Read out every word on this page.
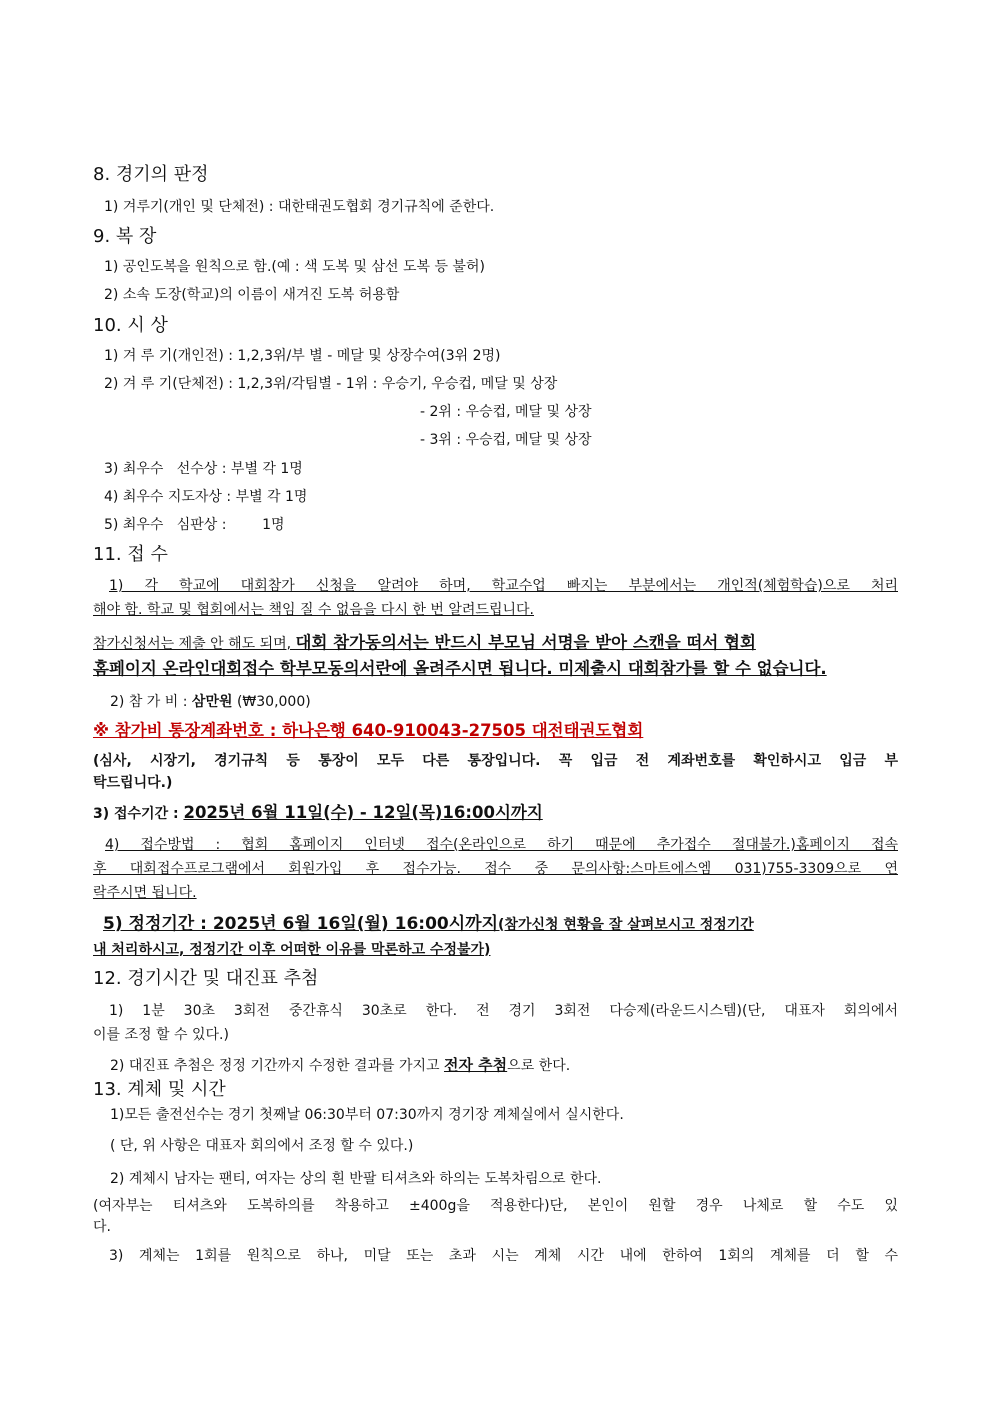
8. 경기의 판정
1) 겨루기(개인 및 단체전) : 대한태권도협회 경기규칙에 준한다.
9. 복 장
1) 공인도복을 원칙으로 함.(예 : 색 도복 및 삼선 도복 등 불허)
2) 소속 도장(학교)의 이름이 새겨진 도복 허용함
10. 시 상
1) 겨 루 기(개인전) : 1,2,3위/부 별 - 메달 및 상장수여(3위 2명)
2) 겨 루 기(단체전) : 1,2,3위/각팀별 - 1위 : 우승기, 우승컵, 메달 및 상장
- 2위 : 우승컵, 메달 및 상장
- 3위 : 우승컵, 메달 및 상장
3) 최우수   선수상 : 부별 각 1명
4) 최우수 지도자상 : 부별 각 1명
5) 최우수   심판상 :        1명
11. 접 수
1) 각 학교에 대회참가 신청을 알려야 하며, 학교수업 빠지는 부분에서는 개인적(체험학습)으로 처리
해야 함. 학교 및 협회에서는 책임 질 수 없음을 다시 한 번 알려드립니다.
참가신청서는 제출 안 해도 되며, 대회 참가동의서는 반드시 부모님 서명을 받아 스캔을 떠서 협회
홈페이지 온라인대회접수 학부모동의서란에 올려주시면 됩니다. 미제출시 대회참가를 할 수 없습니다.
2) 참 가 비 : 삼만원 (₩30,000)
※ 참가비 통장계좌번호 : 하나은행 640-910043-27505 대전태권도협회
(심사, 시장기, 경기규칙 등 통장이 모두 다른 통장입니다. 꼭 입금 전 계좌번호를 확인하시고 입금 부
탁드립니다.)
3) 접수기간 : 2025년 6월 11일(수) - 12일(목)16:00시까지
4) 접수방법 : 협회 홈페이지 인터넷 접수(온라인으로 하기 때문에 추가접수 절대불가.)홈페이지 접속
후 대회접수프로그램에서 회원가입 후 접수가능. 접수 중 문의사항:스마트에스엠 031)755-3309으로 연
락주시면 됩니다.
5) 정정기간 : 2025년 6월 16일(월) 16:00시까지(참가신청 현황을 잘 살펴보시고 정정기간
내 처리하시고, 정정기간 이후 어떠한 이유를 막론하고 수정불가)
12. 경기시간 및 대진표 추첨
1) 1분 30초 3회전 중간휴식 30초로 한다. 전 경기 3회전 다승제(라운드시스템)(단, 대표자 회의에서
이를 조정 할 수 있다.)
2) 대진표 추첨은 정정 기간까지 수정한 결과를 가지고 전자 추첨으로 한다.
13. 계체 및 시간
1)모든 출전선수는 경기 첫째날 06:30부터 07:30까지 경기장 계체실에서 실시한다.
( 단, 위 사항은 대표자 회의에서 조정 할 수 있다.)
2) 계체시 남자는 팬티, 여자는 상의 흰 반팔 티셔츠와 하의는 도복차림으로 한다.
(여자부는 티셔츠와 도복하의를 착용하고 ±400g을 적용한다)단, 본인이 원할 경우 나체로 할 수도 있
다.
3) 계체는 1회를 원칙으로 하나, 미달 또는 초과 시는 계체 시간 내에 한하여 1회의 계체를 더 할 수
